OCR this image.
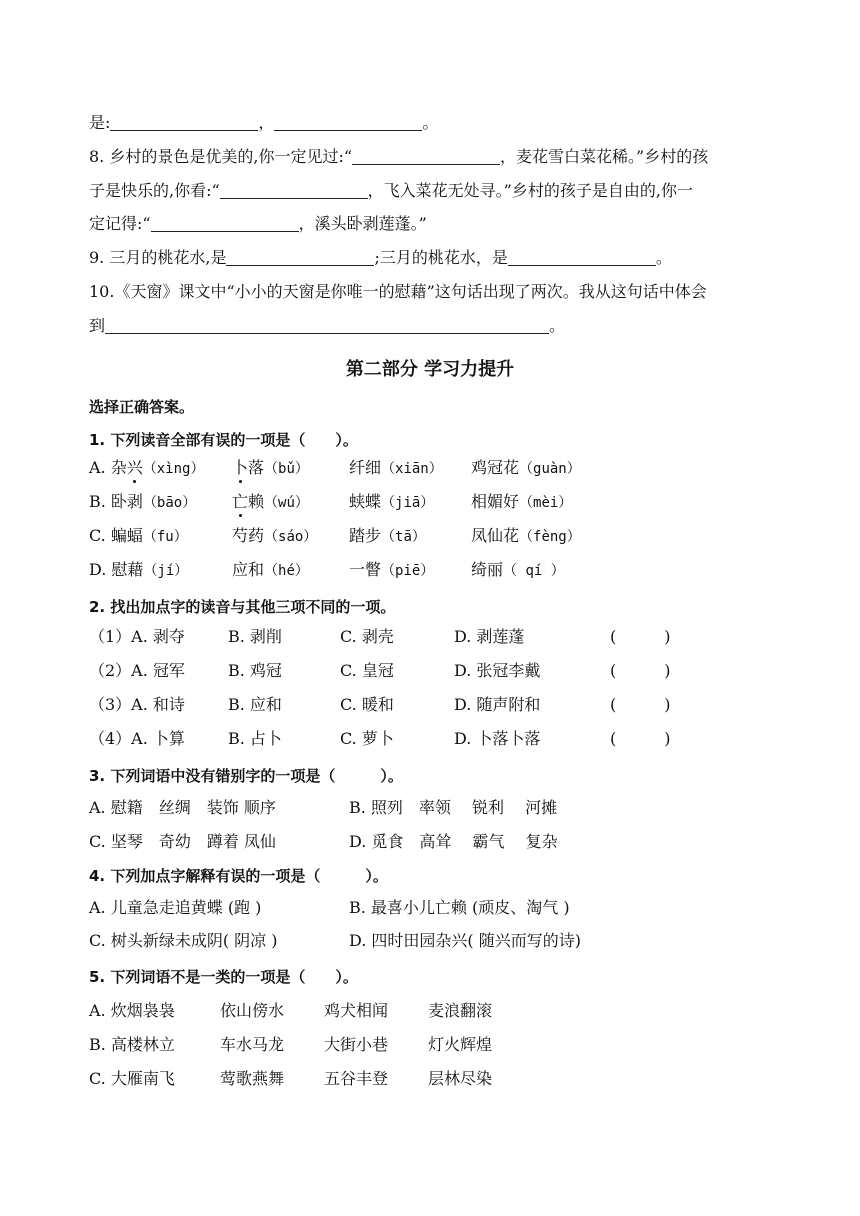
是:	，	。
8. 乡村的景色是优美的,你一定见过:“	，麦花雪白菜花稀。”乡村的孩
子是快乐的,你看:“	，飞入菜花无处寻。”乡村的孩子是自由的,你一
定记得:“	，溪头卧剥莲蓬。”
9. 三月的桃花水,是	;三月的桃花水，是	。
10.《天窗》课文中“小小的天窗是你唯一的慰藉”这句话出现了两次。我从这句话中体会
到	。
第二部分 学习力提升
选择正确答案。
1. 下列读音全部有误的一项是（　　）。
A. 杂兴（xìng） 卜落（bǔ）	纤细（xiān） 鸡冠花（guàn）
B. 卧剥（bāo） 亡赖（wú）	蛱蝶（jiā） 相媚好（mèi）
C. 蝙蝠（fu）	芍药（sáo） 踏步（tā）	凤仙花（fèng）
D. 慰藉（jí）	应和（hé）	一瞥（piē） 绮丽（ qí ）
2. 找出加点字的读音与其他三项不同的一项。
（1）A. 剥夺	B. 剥削	C. 剥壳	D. 剥莲蓬	(　　　)
（2）A. 冠军	B. 鸡冠	C. 皇冠	D. 张冠李戴	(　　　)
（3）A. 和诗	B. 应和	C. 暖和	D. 随声附和	(　　　)
（4）A. 卜算	B. 占卜	C. 萝卜	D. 卜落卜落	(　　　)
3. 下列词语中没有错别字的一项是（　　　）。
A. 慰籍　丝绸　装饰 顺序	B. 照列　率领　 锐利　 河摊
C. 坚琴　奇幼　蹲着 凤仙	D. 觅食　高耸　 霸气　 复杂
4. 下列加点字解释有误的一项是（　　　）。
A. 儿童急走追黄蝶 (跑 )	B. 最喜小儿亡赖 (顽皮、淘气 )
C. 树头新绿未成阴( 阴凉 )	D. 四时田园杂兴( 随兴而写的诗)
5. 下列词语不是一类的一项是（　　）。
A. 炊烟袅袅	依山傍水 鸡犬相闻 麦浪翻滚
B. 高楼林立	车水马龙 大街小巷 灯火辉煌
C. 大雁南飞	莺歌燕舞 五谷丰登 层林尽染
